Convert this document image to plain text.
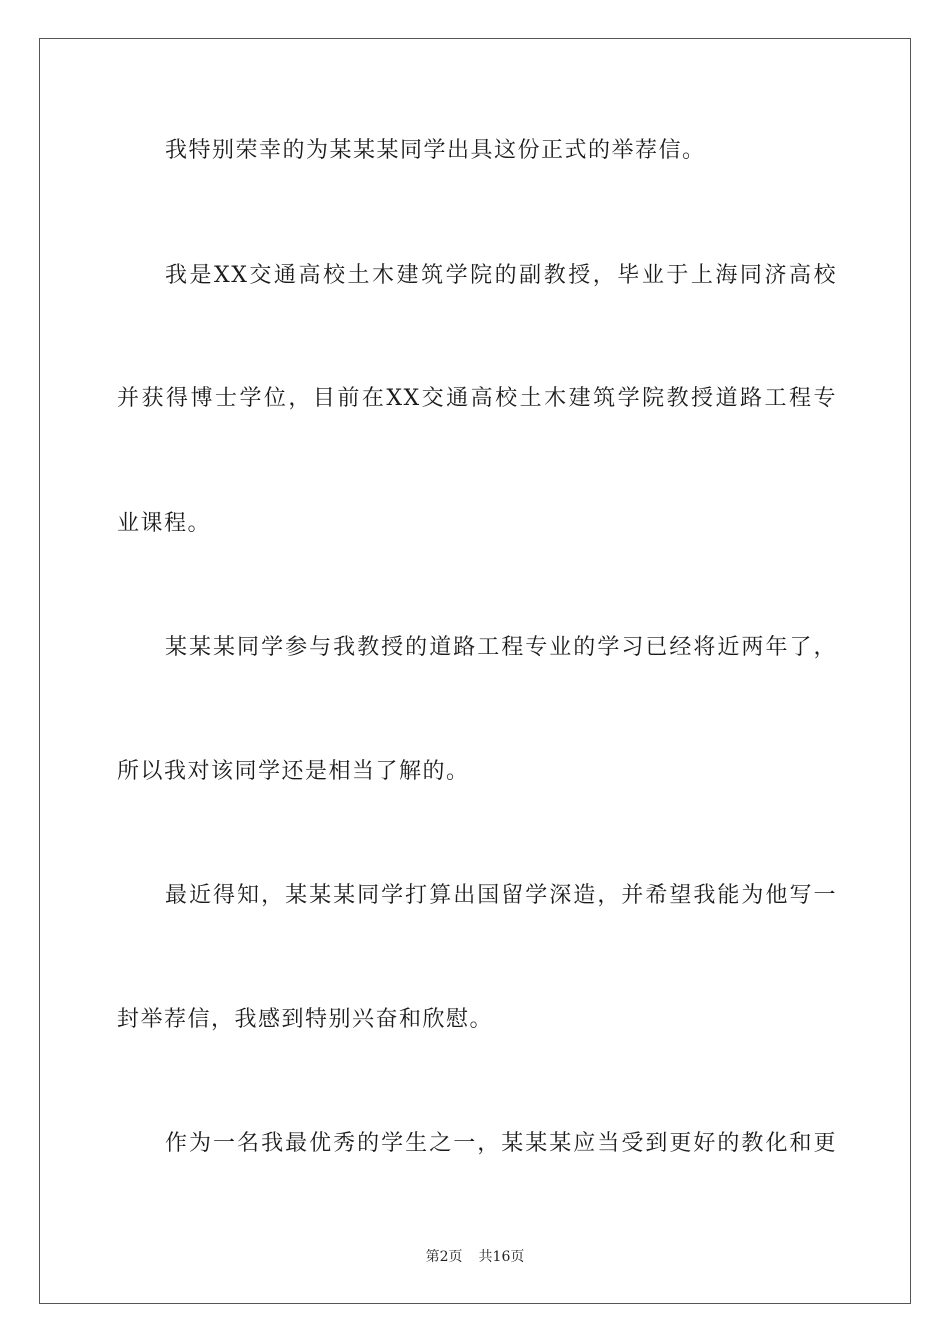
我特别荣幸的为某某某同学出具这份正式的举荐信。
我是XX交通高校土木建筑学院的副教授，毕业于上海同济高校
并获得博士学位，目前在XX交通高校土木建筑学院教授道路工程专
业课程。
某某某同学参与我教授的道路工程专业的学习已经将近两年了，
所以我对该同学还是相当了解的。
最近得知，某某某同学打算出国留学深造，并希望我能为他写一
封举荐信，我感到特别兴奋和欣慰。
作为一名我最优秀的学生之一，某某某应当受到更好的教化和更
第2页 共16页
